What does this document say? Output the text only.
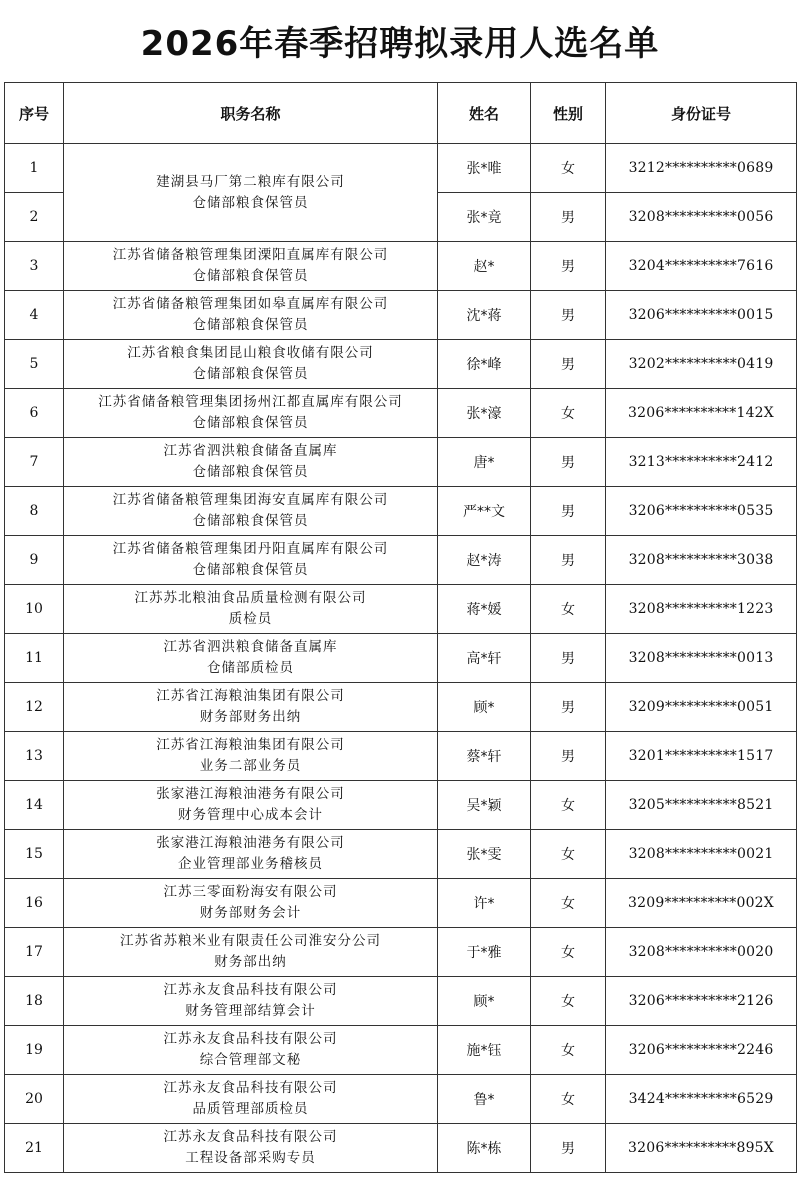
2026年春季招聘拟录用人选名单
序号	职务名称	姓名	性别	身份证号
1	建湖县马厂第二粮库有限公司
仓储部粮食保管员	张*唯	女	3212**********0689
2		张*竟	男	3208**********0056
3	江苏省储备粮管理集团溧阳直属库有限公司
仓储部粮食保管员	赵*	男	3204**********7616
4	江苏省储备粮管理集团如皋直属库有限公司
仓储部粮食保管员	沈*蒋	男	3206**********0015
5	江苏省粮食集团昆山粮食收储有限公司
仓储部粮食保管员	徐*峰	男	3202**********0419
6	江苏省储备粮管理集团扬州江都直属库有限公司
仓储部粮食保管员	张*濠	女	3206**********142X
7	江苏省泗洪粮食储备直属库
仓储部粮食保管员	唐*	男	3213**********2412
8	江苏省储备粮管理集团海安直属库有限公司
仓储部粮食保管员	严**文	男	3206**********0535
9	江苏省储备粮管理集团丹阳直属库有限公司
仓储部粮食保管员	赵*涛	男	3208**********3038
10	江苏苏北粮油食品质量检测有限公司
质检员	蒋*媛	女	3208**********1223
11	江苏省泗洪粮食储备直属库
仓储部质检员	高*轩	男	3208**********0013
12	江苏省江海粮油集团有限公司
财务部财务出纳	顾*	男	3209**********0051
13	江苏省江海粮油集团有限公司
业务二部业务员	蔡*轩	男	3201**********1517
14	张家港江海粮油港务有限公司
财务管理中心成本会计	吴*颖	女	3205**********8521
15	张家港江海粮油港务有限公司
企业管理部业务稽核员	张*雯	女	3208**********0021
16	江苏三零面粉海安有限公司
财务部财务会计	许*	女	3209**********002X
17	江苏省苏粮米业有限责任公司淮安分公司
财务部出纳	于*雅	女	3208**********0020
18	江苏永友食品科技有限公司
财务管理部结算会计	顾*	女	3206**********2126
19	江苏永友食品科技有限公司
综合管理部文秘	施*钰	女	3206**********2246
20	江苏永友食品科技有限公司
品质管理部质检员	鲁*	女	3424**********6529
21	江苏永友食品科技有限公司
工程设备部采购专员	陈*栋	男	3206**********895X
